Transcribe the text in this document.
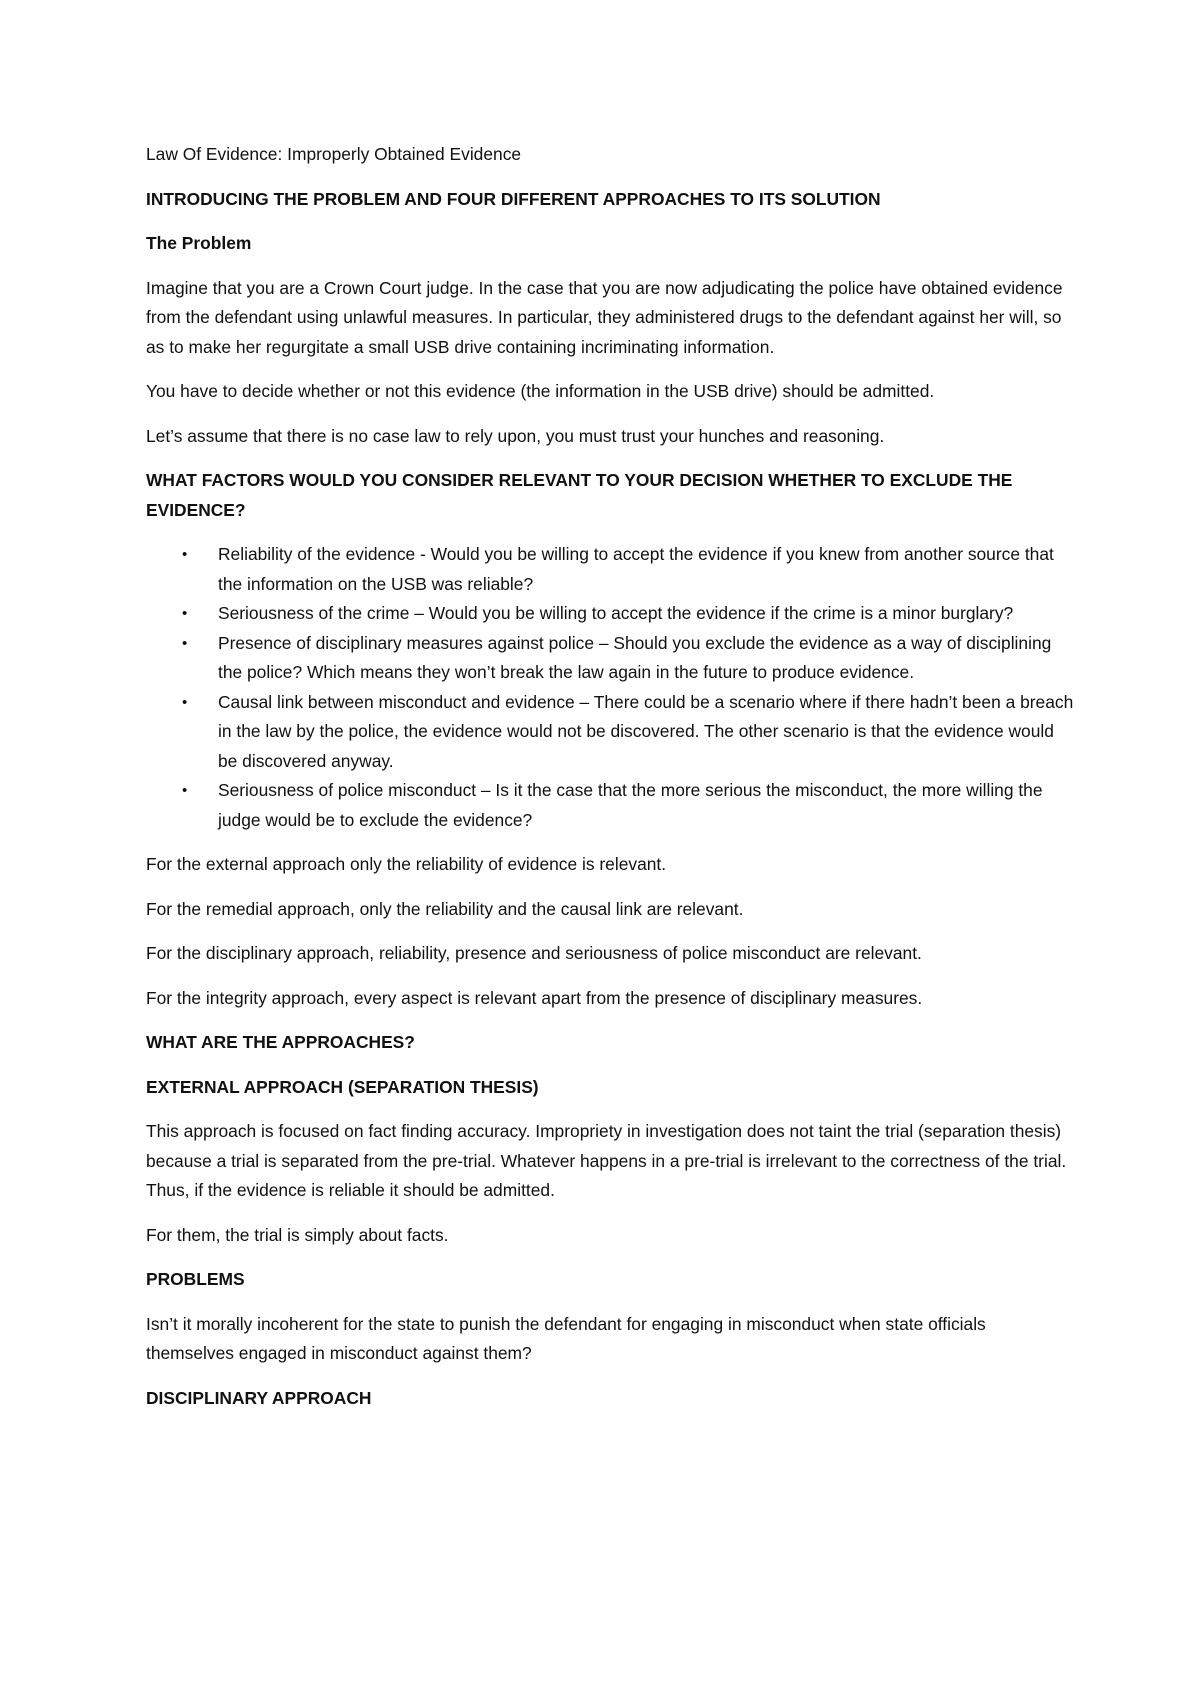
Law Of Evidence: Improperly Obtained Evidence

INTRODUCING THE PROBLEM AND FOUR DIFFERENT APPROACHES TO ITS SOLUTION

The Problem

Imagine that you are a Crown Court judge. In the case that you are now adjudicating the police have obtained evidence from the defendant using unlawful measures. In particular, they administered drugs to the defendant against her will, so as to make her regurgitate a small USB drive containing incriminating information.

You have to decide whether or not this evidence (the information in the USB drive) should be admitted.

Let’s assume that there is no case law to rely upon, you must trust your hunches and reasoning.

WHAT FACTORS WOULD YOU CONSIDER RELEVANT TO YOUR DECISION WHETHER TO EXCLUDE THE EVIDENCE?

• Reliability of the evidence - Would you be willing to accept the evidence if you knew from another source that the information on the USB was reliable?
• Seriousness of the crime – Would you be willing to accept the evidence if the crime is a minor burglary?
• Presence of disciplinary measures against police – Should you exclude the evidence as a way of disciplining the police? Which means they won’t break the law again in the future to produce evidence.
• Causal link between misconduct and evidence – There could be a scenario where if there hadn’t been a breach in the law by the police, the evidence would not be discovered. The other scenario is that the evidence would be discovered anyway.
• Seriousness of police misconduct – Is it the case that the more serious the misconduct, the more willing the judge would be to exclude the evidence?

For the external approach only the reliability of evidence is relevant.

For the remedial approach, only the reliability and the causal link are relevant.

For the disciplinary approach, reliability, presence and seriousness of police misconduct are relevant.

For the integrity approach, every aspect is relevant apart from the presence of disciplinary measures.

WHAT ARE THE APPROACHES?

EXTERNAL APPROACH (SEPARATION THESIS)

This approach is focused on fact finding accuracy. Impropriety in investigation does not taint the trial (separation thesis) because a trial is separated from the pre-trial. Whatever happens in a pre-trial is irrelevant to the correctness of the trial. Thus, if the evidence is reliable it should be admitted.

For them, the trial is simply about facts.

PROBLEMS

Isn’t it morally incoherent for the state to punish the defendant for engaging in misconduct when state officials themselves engaged in misconduct against them?

DISCIPLINARY APPROACH
